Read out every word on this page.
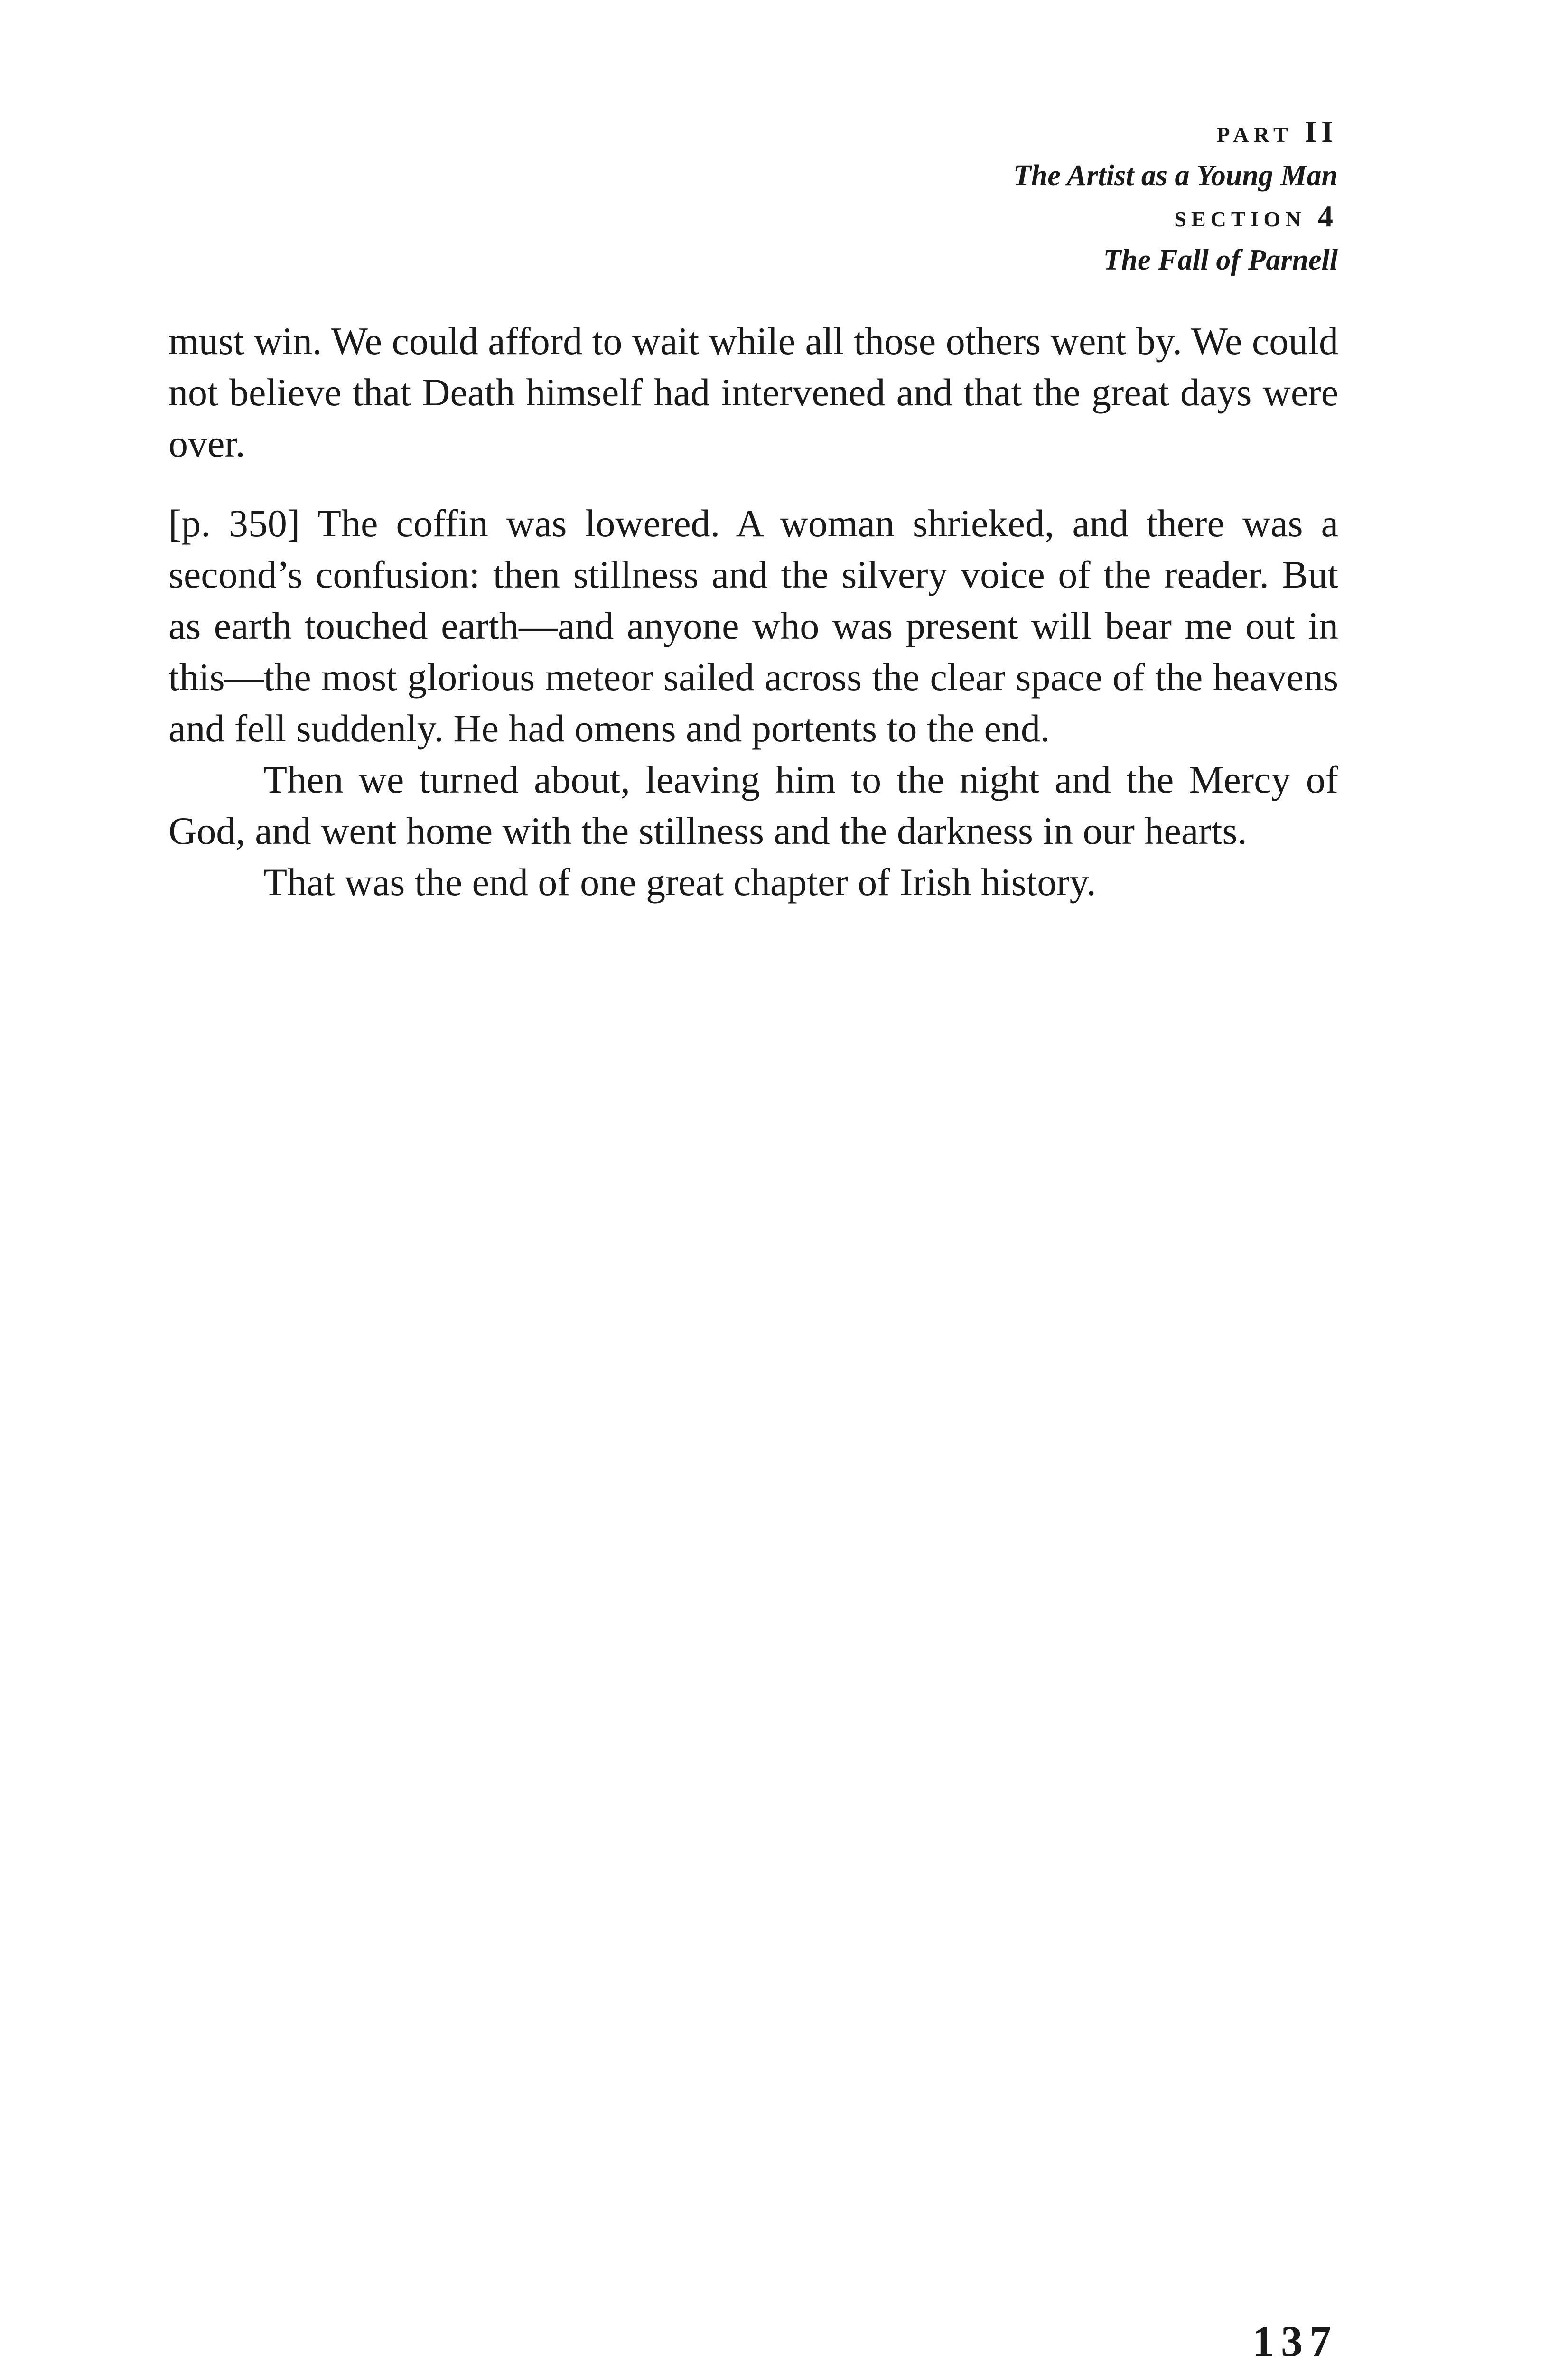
PART II
The Artist as a Young Man
SECTION 4
The Fall of Parnell

must win. We could afford to wait while all those others went by. We could not believe that Death himself had intervened and that the great days were over.

[p. 350] The coffin was lowered. A woman shrieked, and there was a second’s confusion: then stillness and the silvery voice of the reader. But as earth touched earth—and anyone who was present will bear me out in this—the most glorious meteor sailed across the clear space of the heavens and fell suddenly. He had omens and portents to the end.

Then we turned about, leaving him to the night and the Mercy of God, and went home with the stillness and the darkness in our hearts.

That was the end of one great chapter of Irish history.

137
